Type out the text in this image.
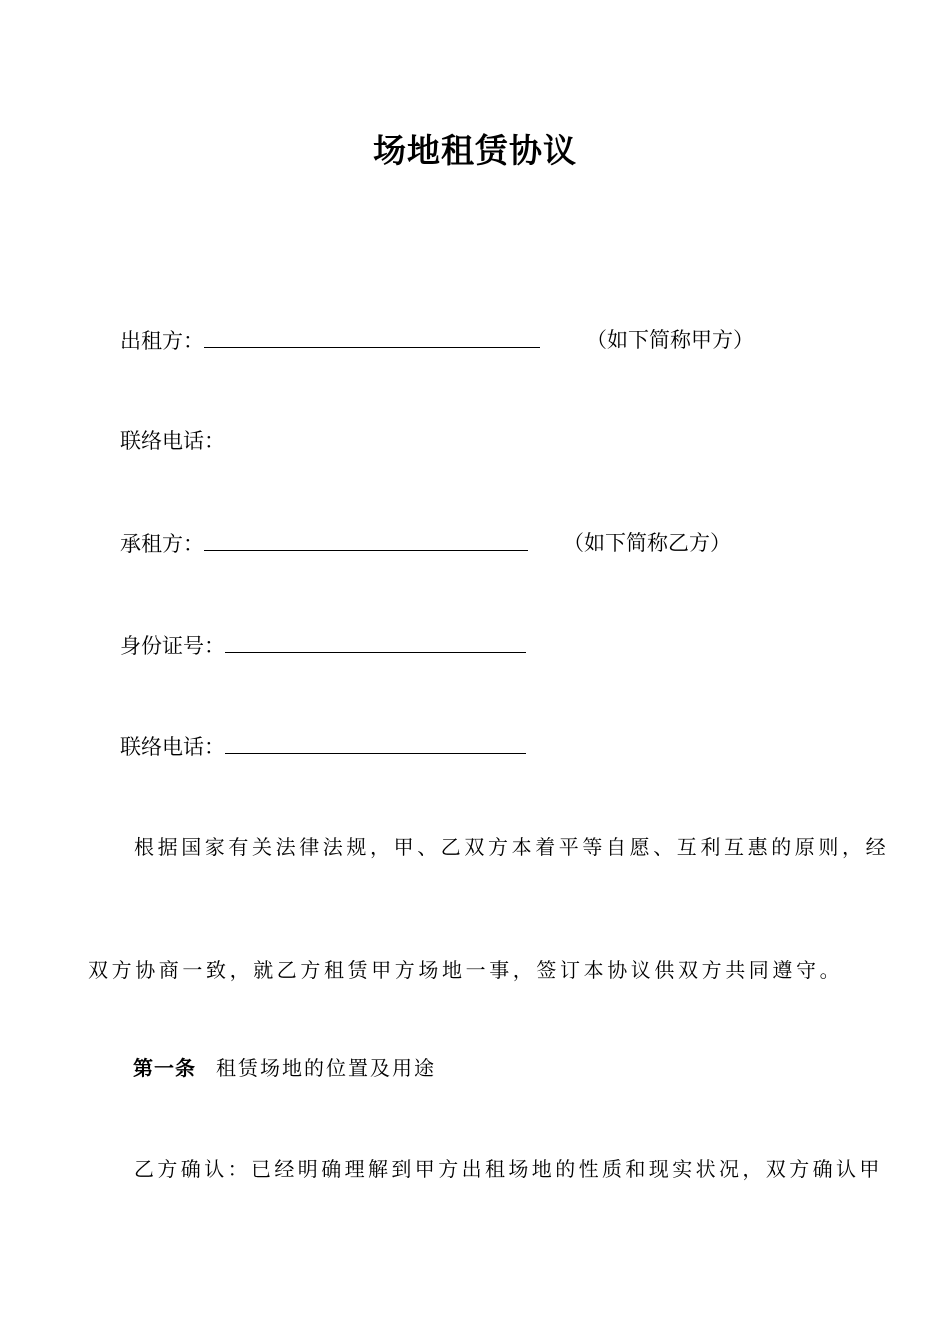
场地租赁协议
出租方：	（如下简称甲方）
联络电话：
承租方：	（如下简称乙方）
身份证号：
联络电话：
根据国家有关法律法规，甲、乙双方本着平等自愿、互利互惠的原则，经
双方协商一致，就乙方租赁甲方场地一事，签订本协议供双方共同遵守。
第一条 租赁场地的位置及用途
乙方确认：已经明确理解到甲方出租场地的性质和现实状况，双方确认甲
